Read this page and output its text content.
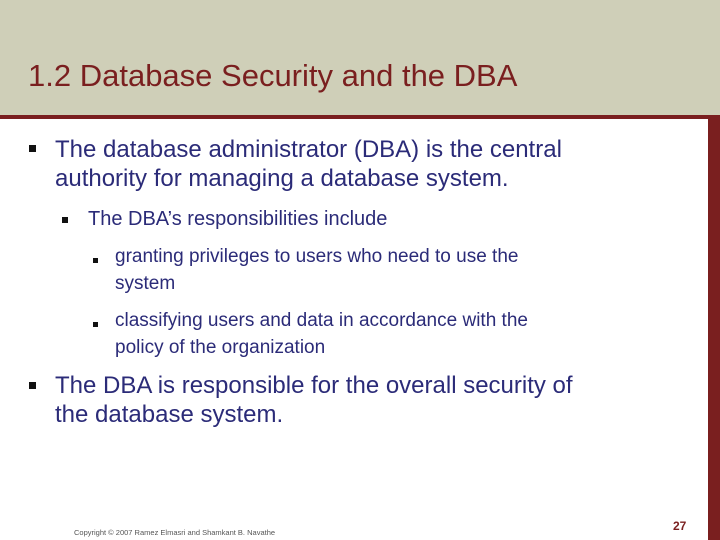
1.2 Database Security and the DBA
The database administrator (DBA) is the central
authority for managing a database system.
The DBA’s responsibilities include
granting privileges to users who need to use the
system
classifying users and data in accordance with the
policy of the organization
The DBA is responsible for the overall security of
the database system.
Copyright © 2007 Ramez Elmasri and Shamkant B. Navathe	27
